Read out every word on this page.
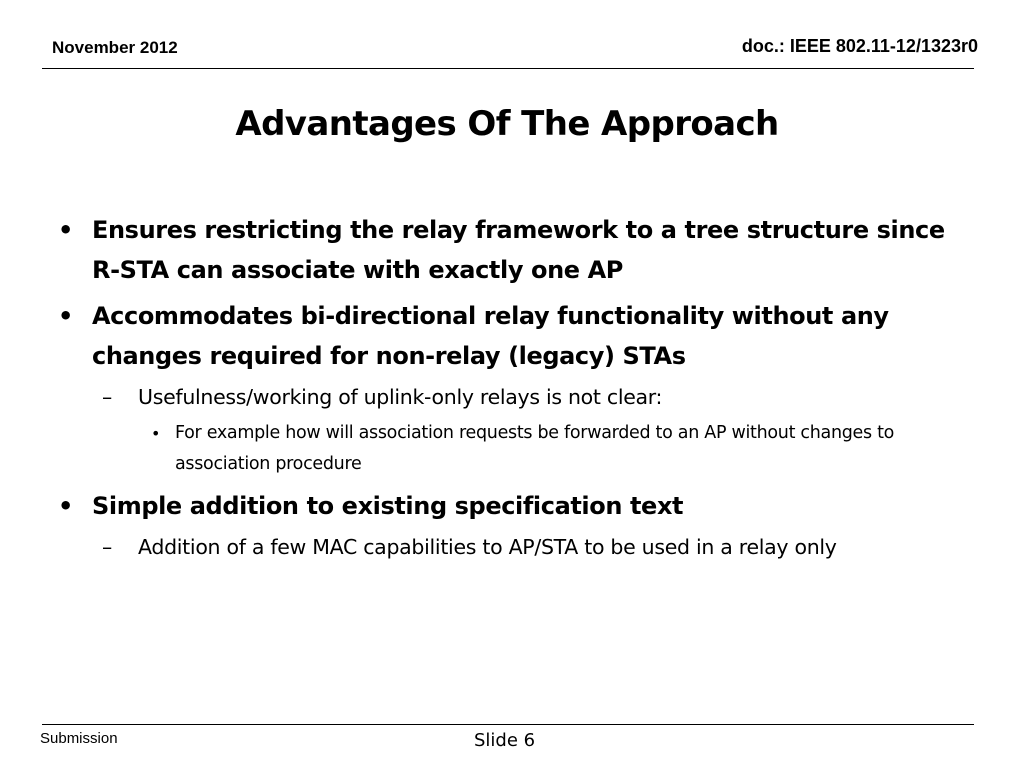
November 2012	doc.: IEEE 802.11-12/1323r0
Advantages Of The Approach
• Ensures restricting the relay framework to a tree structure since R-STA can associate with exactly one AP
• Accommodates bi-directional relay functionality without any changes required for non-relay (legacy) STAs
– Usefulness/working of uplink-only relays is not clear:
• For example how will association requests be forwarded to an AP without changes to association procedure
• Simple addition to existing specification text
– Addition of a few MAC capabilities to AP/STA to be used in a relay only
Submission	Slide 6
